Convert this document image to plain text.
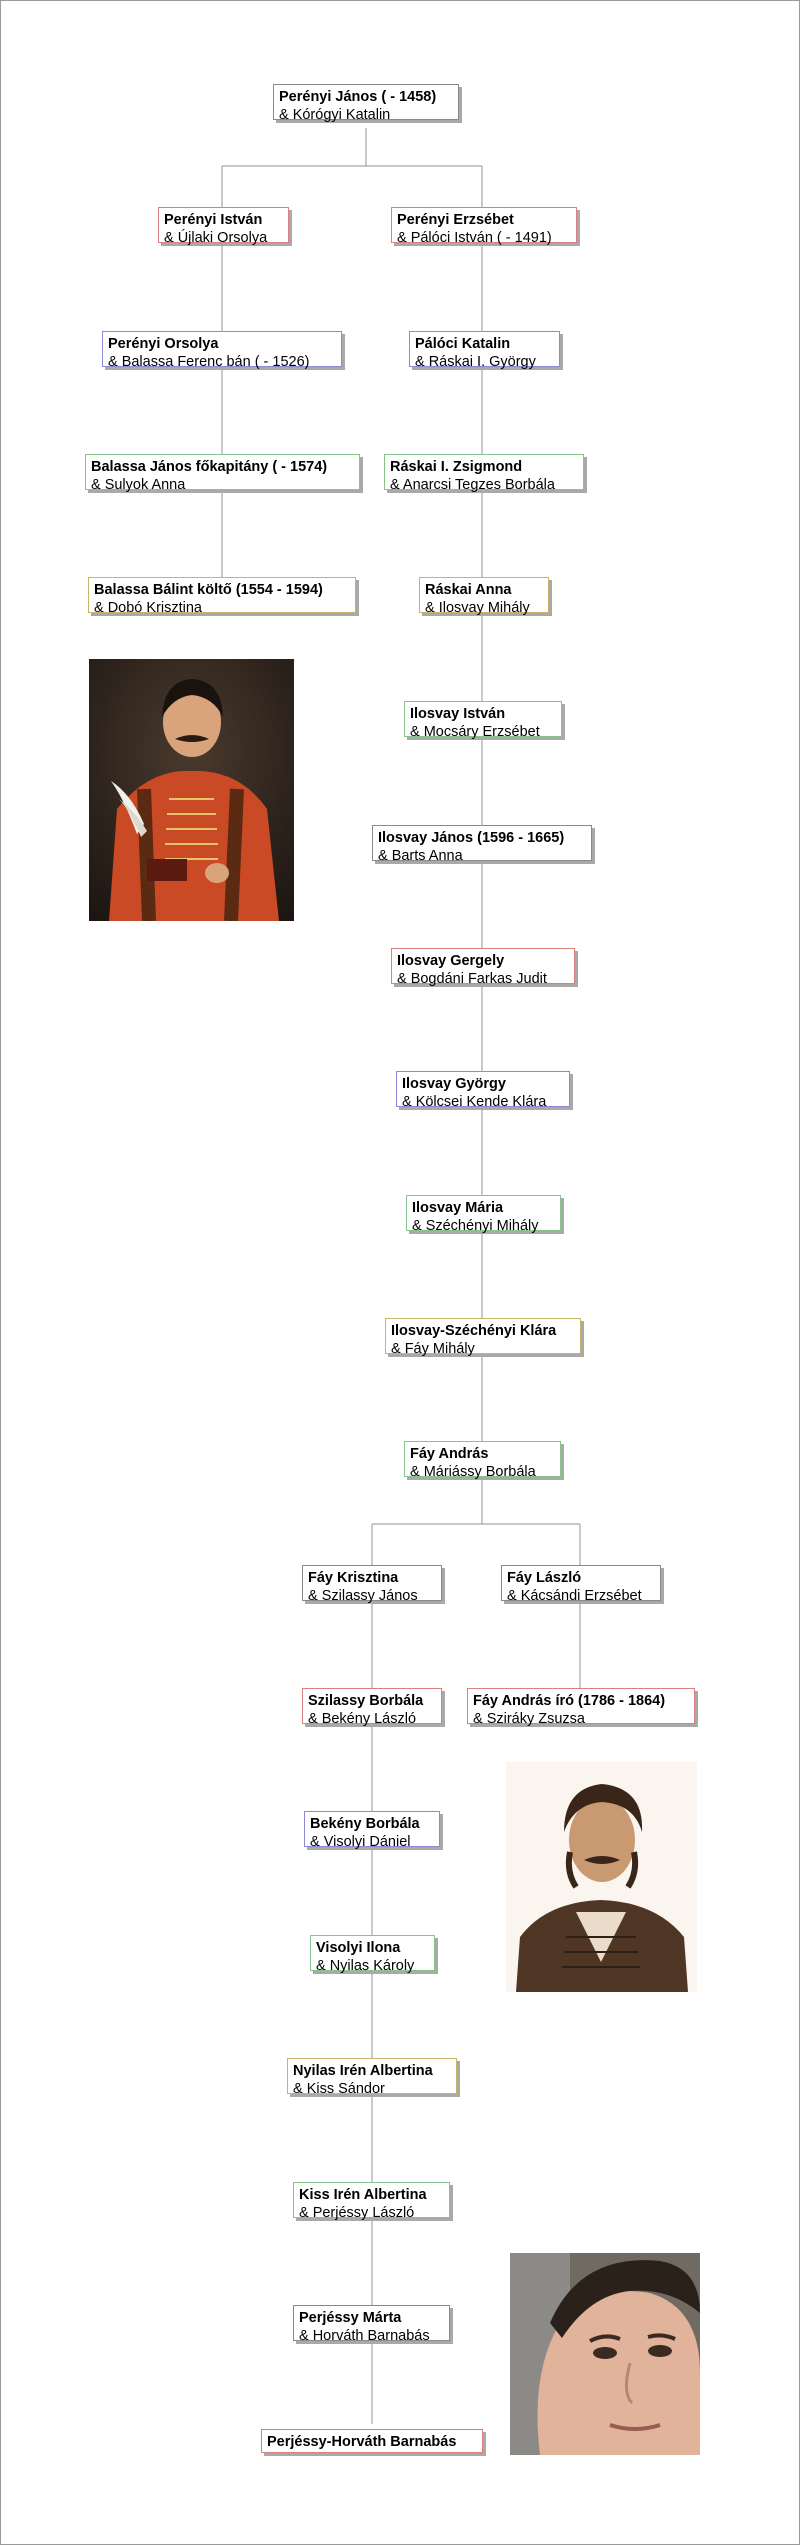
Perényi János ( - 1458)
& Kórógyi Katalin
Perényi István
& Újlaki Orsolya
Perényi Orsolya
& Balassa Ferenc bán ( - 1526)
Balassa János főkapitány ( - 1574)
& Sulyok Anna
Balassa Bálint költő (1554 - 1594)
& Dobó Krisztina
Perényi Erzsébet
& Pálóci István ( - 1491)
Pálóci Katalin
& Ráskai I. György
Ráskai I. Zsigmond
& Anarcsi Tegzes Borbála
Ráskai Anna
& Ilosvay Mihály
Ilosvay István
& Mocsáry Erzsébet
Ilosvay János (1596 - 1665)
& Barts Anna
Ilosvay Gergely
& Bogdáni Farkas Judit
Ilosvay György
& Kölcsei Kende Klára
Ilosvay Mária
& Széchényi Mihály
Ilosvay-Széchényi Klára
& Fáy Mihály
Fáy András
& Máriássy Borbála
Fáy Krisztina
& Szilassy János
Szilassy Borbála
& Bekény László
Bekény Borbála
& Visolyi Dániel
Visolyi Ilona
& Nyilas Károly
Nyilas Irén Albertina
& Kiss Sándor
Kiss Irén Albertina
& Perjéssy László
Perjéssy Márta
& Horváth Barnabás
Perjéssy-Horváth Barnabás
Fáy László
& Kácsándi Erzsébet
Fáy András író (1786 - 1864)
& Sziráky Zsuzsa
